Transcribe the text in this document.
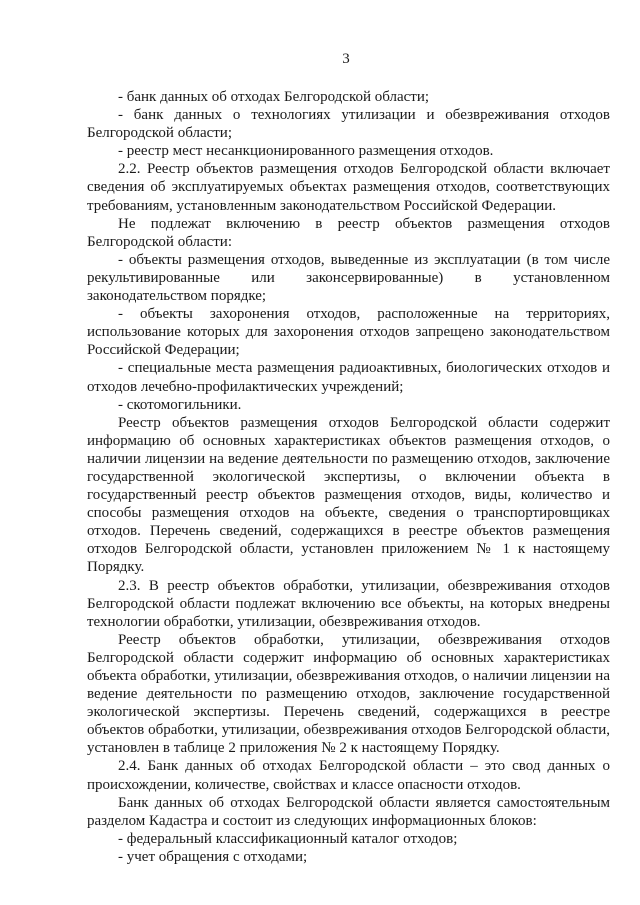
3

- банк данных об отходах Белгородской области;

- банк данных о технологиях утилизации и обезвреживания отходов Белгородской области;

- реестр мест несанкционированного размещения отходов.

2.2. Реестр объектов размещения отходов Белгородской области включает сведения об эксплуатируемых объектах размещения отходов, соответствующих требованиям, установленным законодательством Российской Федерации.

Не подлежат включению в реестр объектов размещения отходов Белгородской области:

- объекты размещения отходов, выведенные из эксплуатации (в том числе рекультивированные или законсервированные) в установленном законодательством порядке;

- объекты захоронения отходов, расположенные на территориях, использование которых для захоронения отходов запрещено законодательством Российской Федерации;

- специальные места размещения радиоактивных, биологических отходов и отходов лечебно-профилактических учреждений;

- скотомогильники.

Реестр объектов размещения отходов Белгородской области содержит информацию об основных характеристиках объектов размещения отходов, о наличии лицензии на ведение деятельности по размещению отходов, заключение государственной экологической экспертизы, о включении объекта в государственный реестр объектов размещения отходов, виды, количество и способы размещения отходов на объекте, сведения о транспортировщиках отходов. Перечень сведений, содержащихся в реестре объектов размещения отходов Белгородской области, установлен приложением № 1 к настоящему Порядку.

2.3. В реестр объектов обработки, утилизации, обезвреживания отходов Белгородской области подлежат включению все объекты, на которых внедрены технологии обработки, утилизации, обезвреживания отходов.

Реестр объектов обработки, утилизации, обезвреживания отходов Белгородской области содержит информацию об основных характеристиках объекта обработки, утилизации, обезвреживания отходов, о наличии лицензии на ведение деятельности по размещению отходов, заключение государственной экологической экспертизы. Перечень сведений, содержащихся в реестре объектов обработки, утилизации, обезвреживания отходов Белгородской области, установлен в таблице 2 приложения № 2 к настоящему Порядку.

2.4. Банк данных об отходах Белгородской области – это свод данных о происхождении, количестве, свойствах и классе опасности отходов.

Банк данных об отходах Белгородской области является самостоятельным разделом Кадастра и состоит из следующих информационных блоков:

- федеральный классификационный каталог отходов;

- учет обращения с отходами;
